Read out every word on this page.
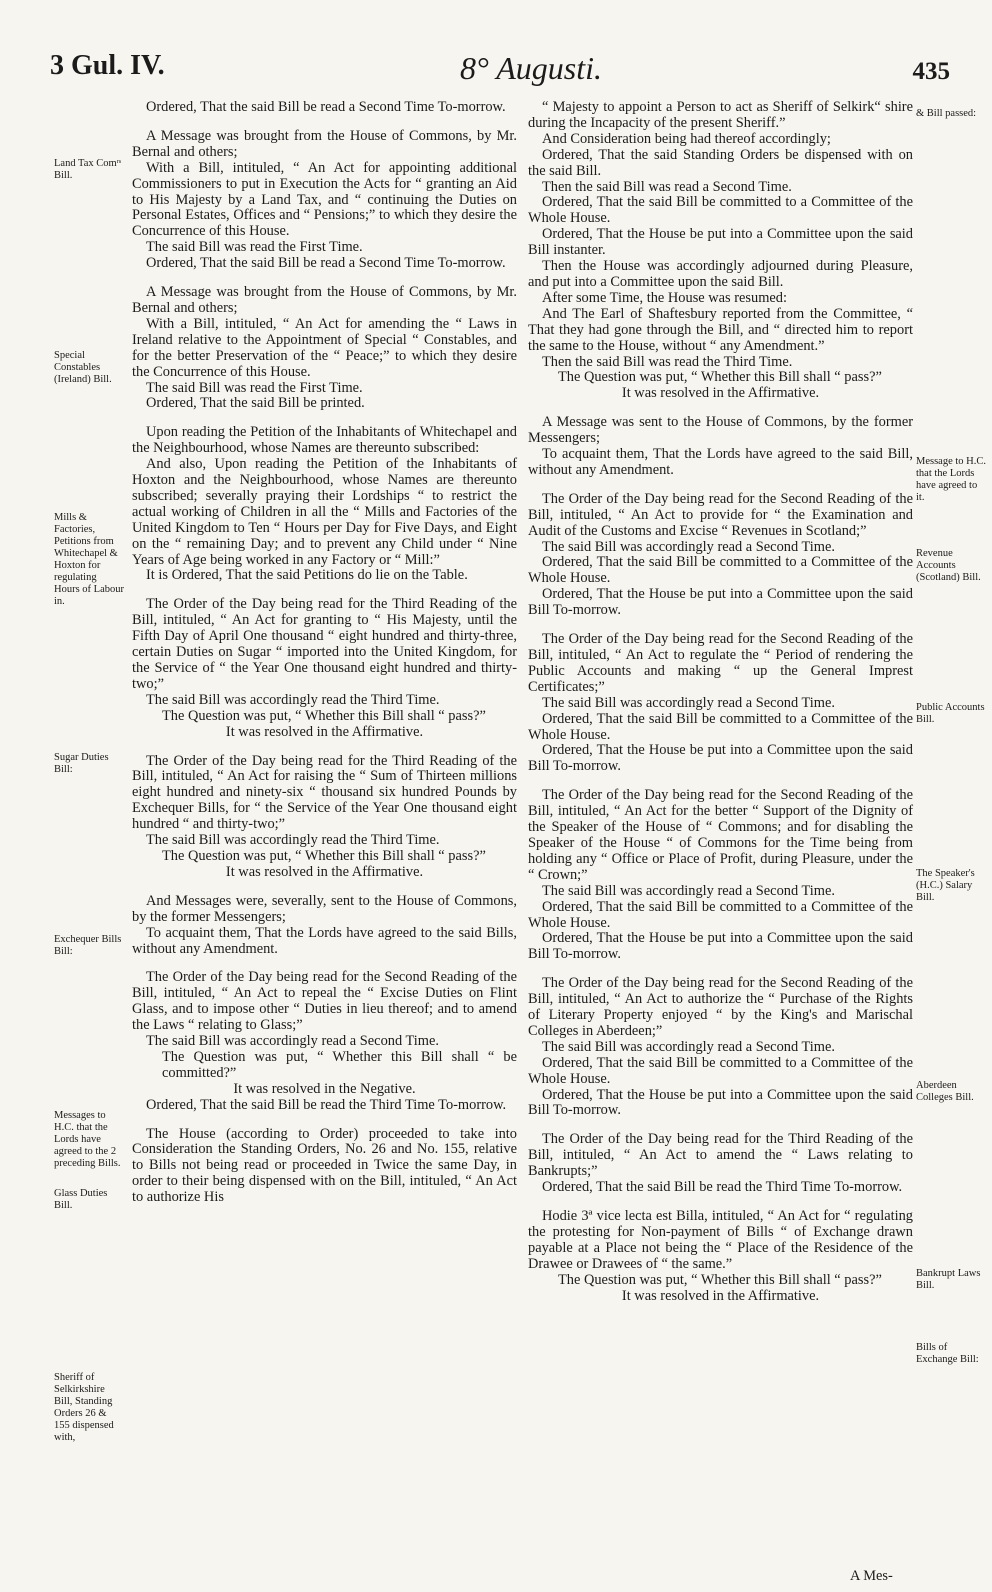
3 Gul. IV.	8° Augusti.	435

Ordered, That the said Bill be read a Second Time To-morrow.

A Message was brought from the House of Commons, by Mr. Bernal and others;

With a Bill, intituled, “ An Act for appointing additional Commissioners to put in Execution the Acts for “ granting an Aid to His Majesty by a Land Tax, and “ continuing the Duties on Personal Estates, Offices and “ Pensions;” to which they desire the Concurrence of this House.

The said Bill was read the First Time.

Ordered, That the said Bill be read a Second Time To-morrow.

A Message was brought from the House of Commons, by Mr. Bernal and others;

With a Bill, intituled, “ An Act for amending the “ Laws in Ireland relative to the Appointment of Special “ Constables, and for the better Preservation of the “ Peace;” to which they desire the Concurrence of this House.

The said Bill was read the First Time.

Ordered, That the said Bill be printed.

Upon reading the Petition of the Inhabitants of Whitechapel and the Neighbourhood, whose Names are thereunto subscribed:

And also, Upon reading the Petition of the Inhabitants of Hoxton and the Neighbourhood, whose Names are thereunto subscribed; severally praying their Lordships “ to restrict the actual working of Children in all the “ Mills and Factories of the United Kingdom to Ten “ Hours per Day for Five Days, and Eight on the “ remaining Day; and to prevent any Child under “ Nine Years of Age being worked in any Factory or “ Mill:”

It is Ordered, That the said Petitions do lie on the Table.

The Order of the Day being read for the Third Reading of the Bill, intituled, “ An Act for granting to “ His Majesty, until the Fifth Day of April One thousand “ eight hundred and thirty-three, certain Duties on Sugar “ imported into the United Kingdom, for the Service of “ the Year One thousand eight hundred and thirty-two;”

The said Bill was accordingly read the Third Time.

The Question was put, “ Whether this Bill shall “ pass?”

It was resolved in the Affirmative.

The Order of the Day being read for the Third Reading of the Bill, intituled, “ An Act for raising the “ Sum of Thirteen millions eight hundred and ninety-six “ thousand six hundred Pounds by Exchequer Bills, for “ the Service of the Year One thousand eight hundred “ and thirty-two;”

The said Bill was accordingly read the Third Time.

The Question was put, “ Whether this Bill shall “ pass?”

It was resolved in the Affirmative.

And Messages were, severally, sent to the House of Commons, by the former Messengers;

To acquaint them, That the Lords have agreed to the said Bills, without any Amendment.

The Order of the Day being read for the Second Reading of the Bill, intituled, “ An Act to repeal the “ Excise Duties on Flint Glass, and to impose other “ Duties in lieu thereof; and to amend the Laws “ relating to Glass;”

The said Bill was accordingly read a Second Time.

The Question was put, “ Whether this Bill shall “ be committed?”

It was resolved in the Negative.

Ordered, That the said Bill be read the Third Time To-morrow.

The House (according to Order) proceeded to take into Consideration the Standing Orders, No. 26 and No. 155, relative to Bills not being read or proceeded in Twice the same Day, in order to their being dispensed with on the Bill, intituled, “ An Act to authorize His

“ Majesty to appoint a Person to act as Sheriff of Selkirk“ shire during the Incapacity of the present Sheriff.”

And Consideration being had thereof accordingly;

Ordered, That the said Standing Orders be dispensed with on the said Bill.

Then the said Bill was read a Second Time.

Ordered, That the said Bill be committed to a Committee of the Whole House.

Ordered, That the House be put into a Committee upon the said Bill instanter.

Then the House was accordingly adjourned during Pleasure, and put into a Committee upon the said Bill.

After some Time, the House was resumed:

And The Earl of Shaftesbury reported from the Committee, “ That they had gone through the Bill, and “ directed him to report the same to the House, without “ any Amendment.”

Then the said Bill was read the Third Time.

The Question was put, “ Whether this Bill shall “ pass?”

It was resolved in the Affirmative.

A Message was sent to the House of Commons, by the former Messengers;

To acquaint them, That the Lords have agreed to the said Bill, without any Amendment.

The Order of the Day being read for the Second Reading of the Bill, intituled, “ An Act to provide for “ the Examination and Audit of the Customs and Excise “ Revenues in Scotland;”

The said Bill was accordingly read a Second Time.

Ordered, That the said Bill be committed to a Committee of the Whole House.

Ordered, That the House be put into a Committee upon the said Bill To-morrow.

The Order of the Day being read for the Second Reading of the Bill, intituled, “ An Act to regulate the “ Period of rendering the Public Accounts and making “ up the General Imprest Certificates;”

The said Bill was accordingly read a Second Time.

Ordered, That the said Bill be committed to a Committee of the Whole House.

Ordered, That the House be put into a Committee upon the said Bill To-morrow.

The Order of the Day being read for the Second Reading of the Bill, intituled, “ An Act for the better “ Support of the Dignity of the Speaker of the House of “ Commons; and for disabling the Speaker of the House “ of Commons for the Time being from holding any “ Office or Place of Profit, during Pleasure, under the “ Crown;”

The said Bill was accordingly read a Second Time.

Ordered, That the said Bill be committed to a Committee of the Whole House.

Ordered, That the House be put into a Committee upon the said Bill To-morrow.

The Order of the Day being read for the Second Reading of the Bill, intituled, “ An Act to authorize the “ Purchase of the Rights of Literary Property enjoyed “ by the King's and Marischal Colleges in Aberdeen;”

The said Bill was accordingly read a Second Time.

Ordered, That the said Bill be committed to a Committee of the Whole House.

Ordered, That the House be put into a Committee upon the said Bill To-morrow.

The Order of the Day being read for the Third Reading of the Bill, intituled, “ An Act to amend the “ Laws relating to Bankrupts;”

Ordered, That the said Bill be read the Third Time To-morrow.

Hodie 3ª vice lecta est Billa, intituled, “ An Act for “ regulating the protesting for Non-payment of Bills “ of Exchange drawn payable at a Place not being the “ Place of the Residence of the Drawee or Drawees of “ the same.”

The Question was put, “ Whether this Bill shall “ pass?”

It was resolved in the Affirmative.

Land Tax Comʳˢ Bill.
Special Constables (Ireland) Bill.
Mills & Factories, Petitions from Whitechapel & Hoxton for regulating Hours of Labour in.
Sugar Duties Bill:
Exchequer Bills Bill:
Messages to H.C. that the Lords have agreed to the 2 preceding Bills.
Glass Duties Bill.
Sheriff of Selkirkshire Bill, Standing Orders 26 & 155 dispensed with,
& Bill passed:
Message to H.C. that the Lords have agreed to it.
Revenue Accounts (Scotland) Bill.
Public Accounts Bill.
The Speaker's (H.C.) Salary Bill.
Aberdeen Colleges Bill.
Bankrupt Laws Bill.
Bills of Exchange Bill:
A Mes-
